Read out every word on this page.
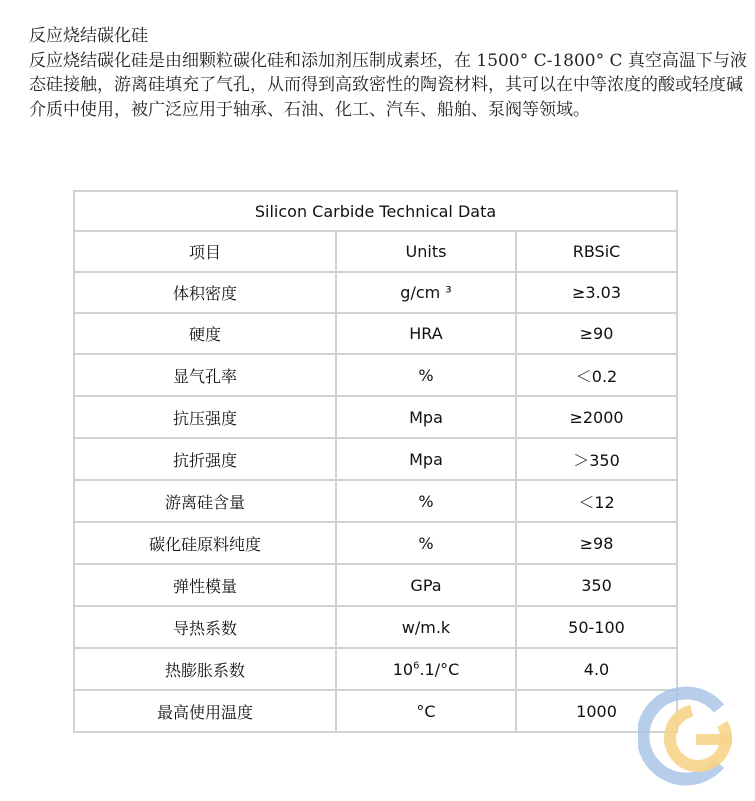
反应烧结碳化硅

反应烧结碳化硅是由细颗粒碳化硅和添加剂压制成素坯，在 1500° C-1800° C 真空高温下与液态硅接触，游离硅填充了气孔，从而得到高致密性的陶瓷材料，其可以在中等浓度的酸或轻度碱介质中使用，被广泛应用于轴承、石油、化工、汽车、船舶、泵阀等领域。

Silicon Carbide Technical Data		
项目	Units	RBSiC
体积密度	g/cm ³	≥3.03
硬度	HRA	≥90
显气孔率	%	＜0.2
抗压强度	Mpa	≥2000
抗折强度	Mpa	＞350
游离硅含量	%	＜12
碳化硅原料纯度	%	≥98
弹性模量	GPa	350
导热系数	w/m.k	50-100
热膨胀系数	$10^6.1/^\circ C$	4.0
最高使用温度	°C	1000
